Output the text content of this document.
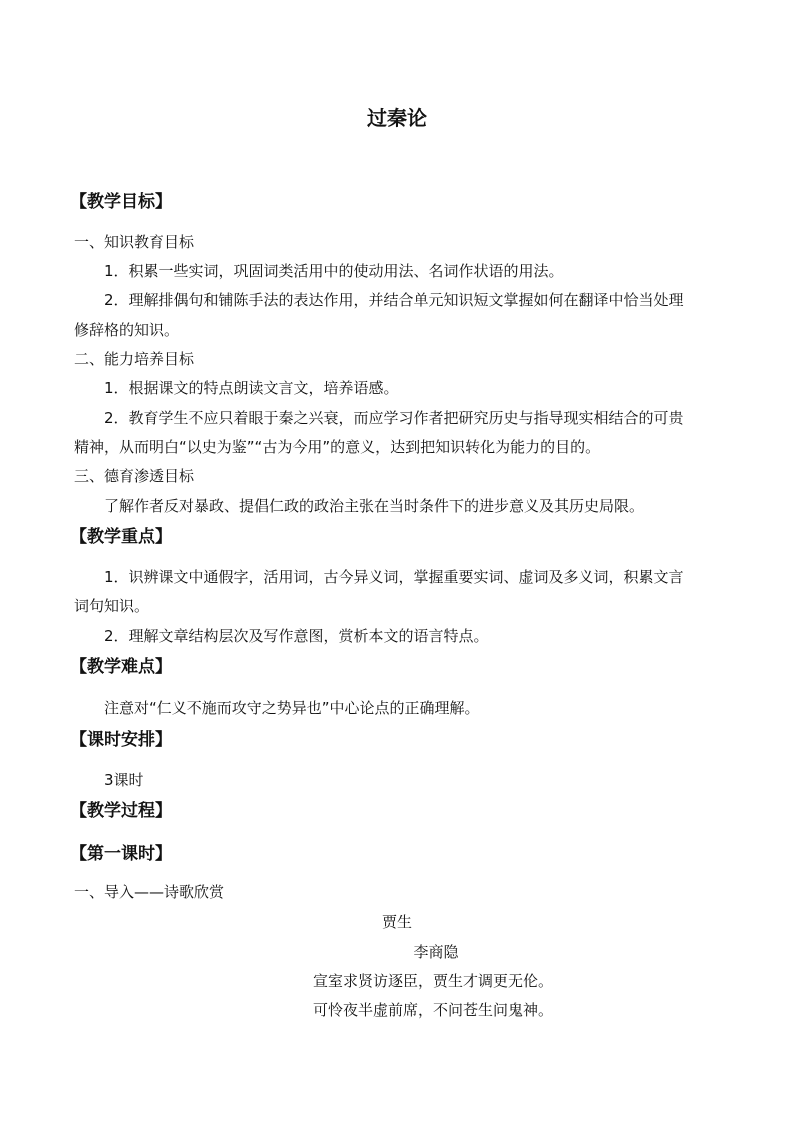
过秦论
【教学目标】
一、知识教育目标
1．积累一些实词，巩固词类活用中的使动用法、名词作状语的用法。
2．理解排偶句和铺陈手法的表达作用，并结合单元知识短文掌握如何在翻译中恰当处理
修辞格的知识。
二、能力培养目标
1．根据课文的特点朗读文言文，培养语感。
2．教育学生不应只着眼于秦之兴衰，而应学习作者把研究历史与指导现实相结合的可贵
精神，从而明白“以史为鉴”“古为今用”的意义，达到把知识转化为能力的目的。
三、德育渗透目标
了解作者反对暴政、提倡仁政的政治主张在当时条件下的进步意义及其历史局限。
【教学重点】
1．识辨课文中通假字，活用词，古今异义词，掌握重要实词、虚词及多义词，积累文言
词句知识。
2．理解文章结构层次及写作意图，赏析本文的语言特点。
【教学难点】
注意对“仁义不施而攻守之势异也”中心论点的正确理解。
【课时安排】
3课时
【教学过程】
【第一课时】
一、导入——诗歌欣赏
贾生
李商隐
宣室求贤访逐臣，贾生才调更无伦。
可怜夜半虚前席，不问苍生问鬼神。
